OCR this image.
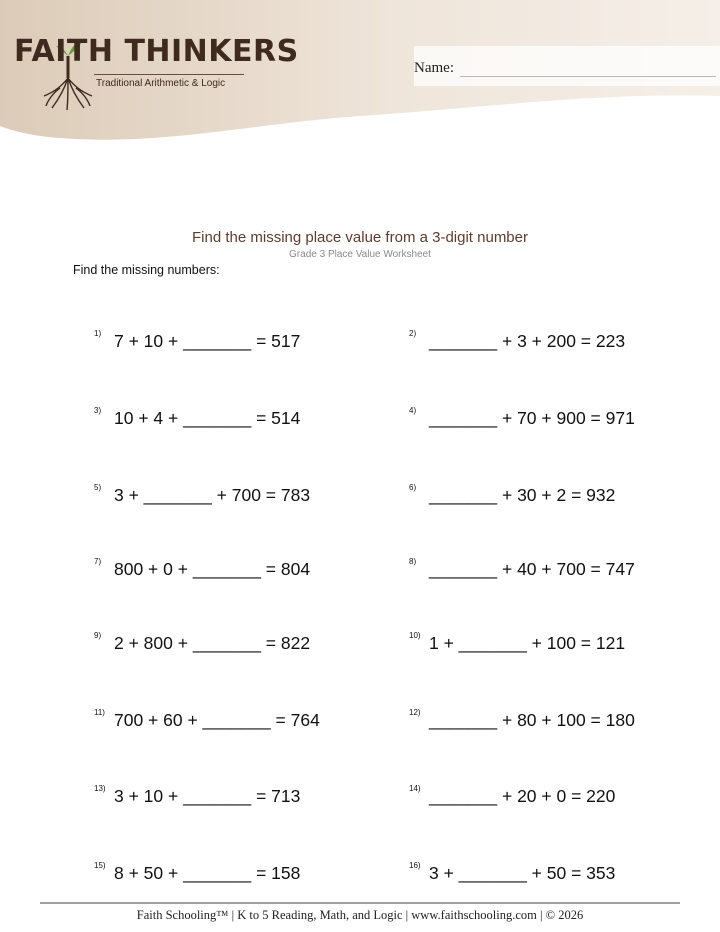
FAITH THINKERS
Traditional Arithmetic & Logic
Name:
Find the missing place value from a 3-digit number
Grade 3 Place Value Worksheet
Find the missing numbers:
1) 7 + 10 + _______ = 517	2) _______ + 3 + 200 = 223
3) 10 + 4 + _______ = 514	4) _______ + 70 + 900 = 971
5) 3 + _______ + 700 = 783	6) _______ + 30 + 2 = 932
7) 800 + 0 + _______ = 804	8) _______ + 40 + 700 = 747
9) 2 + 800 + _______ = 822	10) 1 + _______ + 100 = 121
11) 700 + 60 + _______ = 764	12) _______ + 80 + 100 = 180
13) 3 + 10 + _______ = 713	14) _______ + 20 + 0 = 220
15) 8 + 50 + _______ = 158	16) 3 + _______ + 50 = 353
Faith Schooling™ | K to 5 Reading, Math, and Logic | www.faithschooling.com | © 2026
